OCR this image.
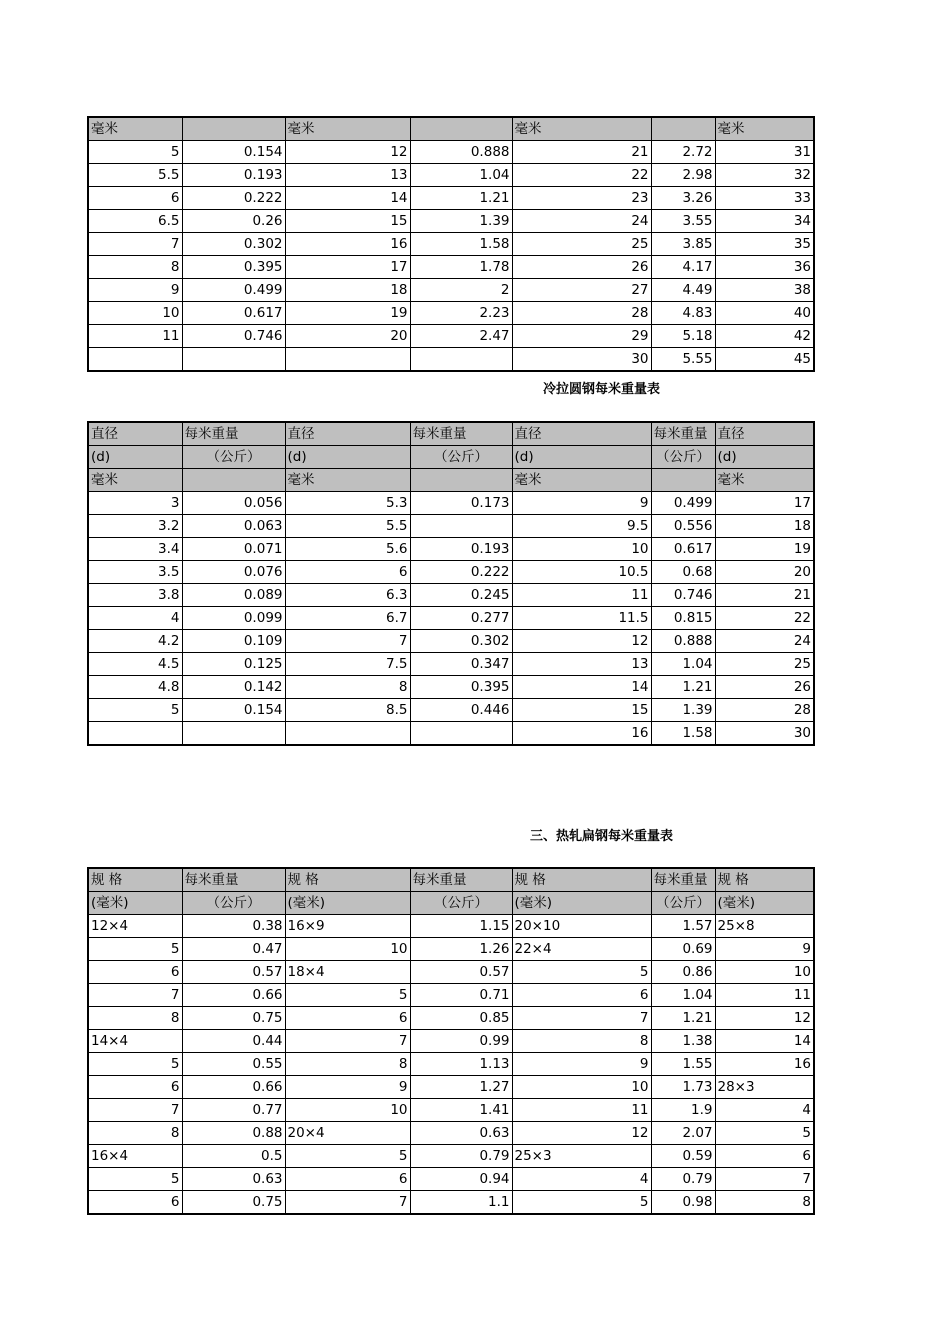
毫米		毫米		毫米		毫米
5	0.154	12	0.888	21	2.72	31
5.5	0.193	13	1.04	22	2.98	32
6	0.222	14	1.21	23	3.26	33
6.5	0.26	15	1.39	24	3.55	34
7	0.302	16	1.58	25	3.85	35
8	0.395	17	1.78	26	4.17	36
9	0.499	18	2	27	4.49	38
10	0.617	19	2.23	28	4.83	40
11	0.746	20	2.47	29	5.18	42
				30	5.55	45
冷拉圆钢每米重量表
直径	每米重量	直径	每米重量	直径	每米重量	直径
(d)	（公斤）	(d)	（公斤）	(d)	（公斤）	(d)
毫米		毫米		毫米		毫米
3	0.056	5.3	0.173	9	0.499	17
3.2	0.063	5.5		9.5	0.556	18
3.4	0.071	5.6	0.193	10	0.617	19
3.5	0.076	6	0.222	10.5	0.68	20
3.8	0.089	6.3	0.245	11	0.746	21
4	0.099	6.7	0.277	11.5	0.815	22
4.2	0.109	7	0.302	12	0.888	24
4.5	0.125	7.5	0.347	13	1.04	25
4.8	0.142	8	0.395	14	1.21	26
5	0.154	8.5	0.446	15	1.39	28
				16	1.58	30
三、热轧扁钢每米重量表
规 格	每米重量	规 格	每米重量	规 格	每米重量	规 格
(毫米)	（公斤）	(毫米)	（公斤）	(毫米)	（公斤）	(毫米)
12×4	0.38	16×9	1.15	20×10	1.57	25×8
5	0.47	10	1.26	22×4	0.69	9
6	0.57	18×4	0.57	5	0.86	10
7	0.66	5	0.71	6	1.04	11
8	0.75	6	0.85	7	1.21	12
14×4	0.44	7	0.99	8	1.38	14
5	0.55	8	1.13	9	1.55	16
6	0.66	9	1.27	10	1.73	28×3
7	0.77	10	1.41	11	1.9	4
8	0.88	20×4	0.63	12	2.07	5
16×4	0.5	5	0.79	25×3	0.59	6
5	0.63	6	0.94	4	0.79	7
6	0.75	7	1.1	5	0.98	8
